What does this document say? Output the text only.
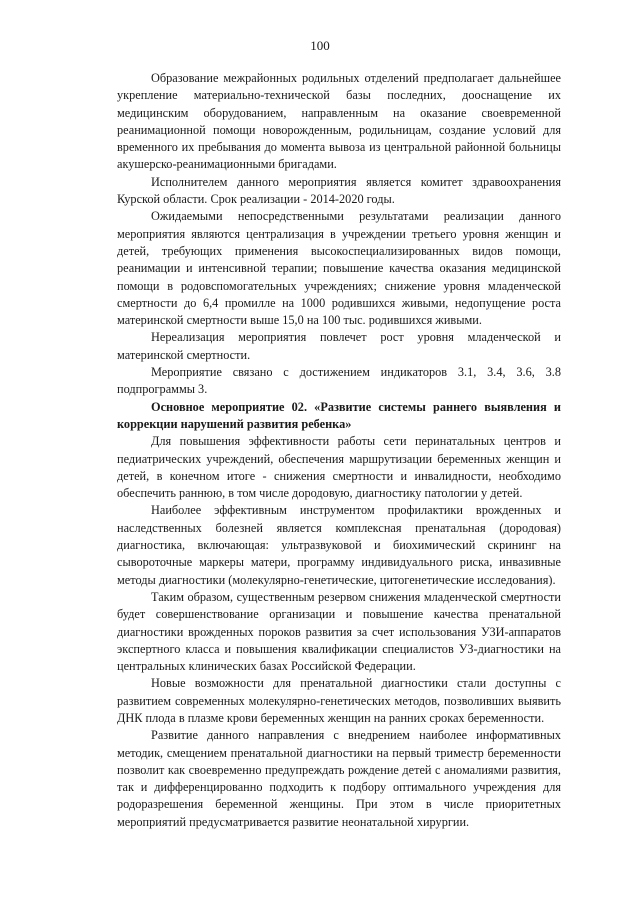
100

Образование межрайонных родильных отделений предполагает дальнейшее укрепление материально-технической базы последних, дооснащение их медицинским оборудованием, направленным на оказание своевременной реанимационной помощи новорожденным, родильницам, создание условий для временного их пребывания до момента вывоза из центральной районной больницы акушерско-реанимационными бригадами.

Исполнителем данного мероприятия является комитет здравоохранения Курской области. Срок реализации - 2014-2020 годы.

Ожидаемыми непосредственными результатами реализации данного мероприятия являются централизация в учреждении третьего уровня женщин и детей, требующих применения высокоспециализированных видов помощи, реанимации и интенсивной терапии; повышение качества оказания медицинской помощи в родовспомогательных учреждениях; снижение уровня младенческой смертности до 6,4 промилле на 1000 родившихся живыми, недопущение роста материнской смертности выше 15,0 на 100 тыс. родившихся живыми.

Нереализация мероприятия повлечет рост уровня младенческой и материнской смертности.

Мероприятие связано с достижением индикаторов 3.1, 3.4, 3.6, 3.8 подпрограммы 3.

Основное мероприятие 02. «Развитие системы раннего выявления и коррекции нарушений развития ребенка»

Для повышения эффективности работы сети перинатальных центров и педиатрических учреждений, обеспечения маршрутизации беременных женщин и детей, в конечном итоге - снижения смертности и инвалидности, необходимо обеспечить раннюю, в том числе дородовую, диагностику патологии у детей.

Наиболее эффективным инструментом профилактики врожденных и наследственных болезней является комплексная пренатальная (дородовая) диагностика, включающая: ультразвуковой и биохимический скрининг на сывороточные маркеры матери, программу индивидуального риска, инвазивные методы диагностики (молекулярно-генетические, цитогенетические исследования).

Таким образом, существенным резервом снижения младенческой смертности будет совершенствование организации и повышение качества пренатальной диагностики врожденных пороков развития за счет использования УЗИ-аппаратов экспертного класса и повышения квалификации специалистов УЗ-диагностики на центральных клинических базах Российской Федерации.

Новые возможности для пренатальной диагностики стали доступны с развитием современных молекулярно-генетических методов, позволивших выявить ДНК плода в плазме крови беременных женщин на ранних сроках беременности.

Развитие данного направления с внедрением наиболее информативных методик, смещением пренатальной диагностики на первый триместр беременности позволит как своевременно предупреждать рождение детей с аномалиями развития, так и дифференцированно подходить к подбору оптимального учреждения для родоразрешения беременной женщины. При этом в числе приоритетных мероприятий предусматривается развитие неонатальной хирургии.
